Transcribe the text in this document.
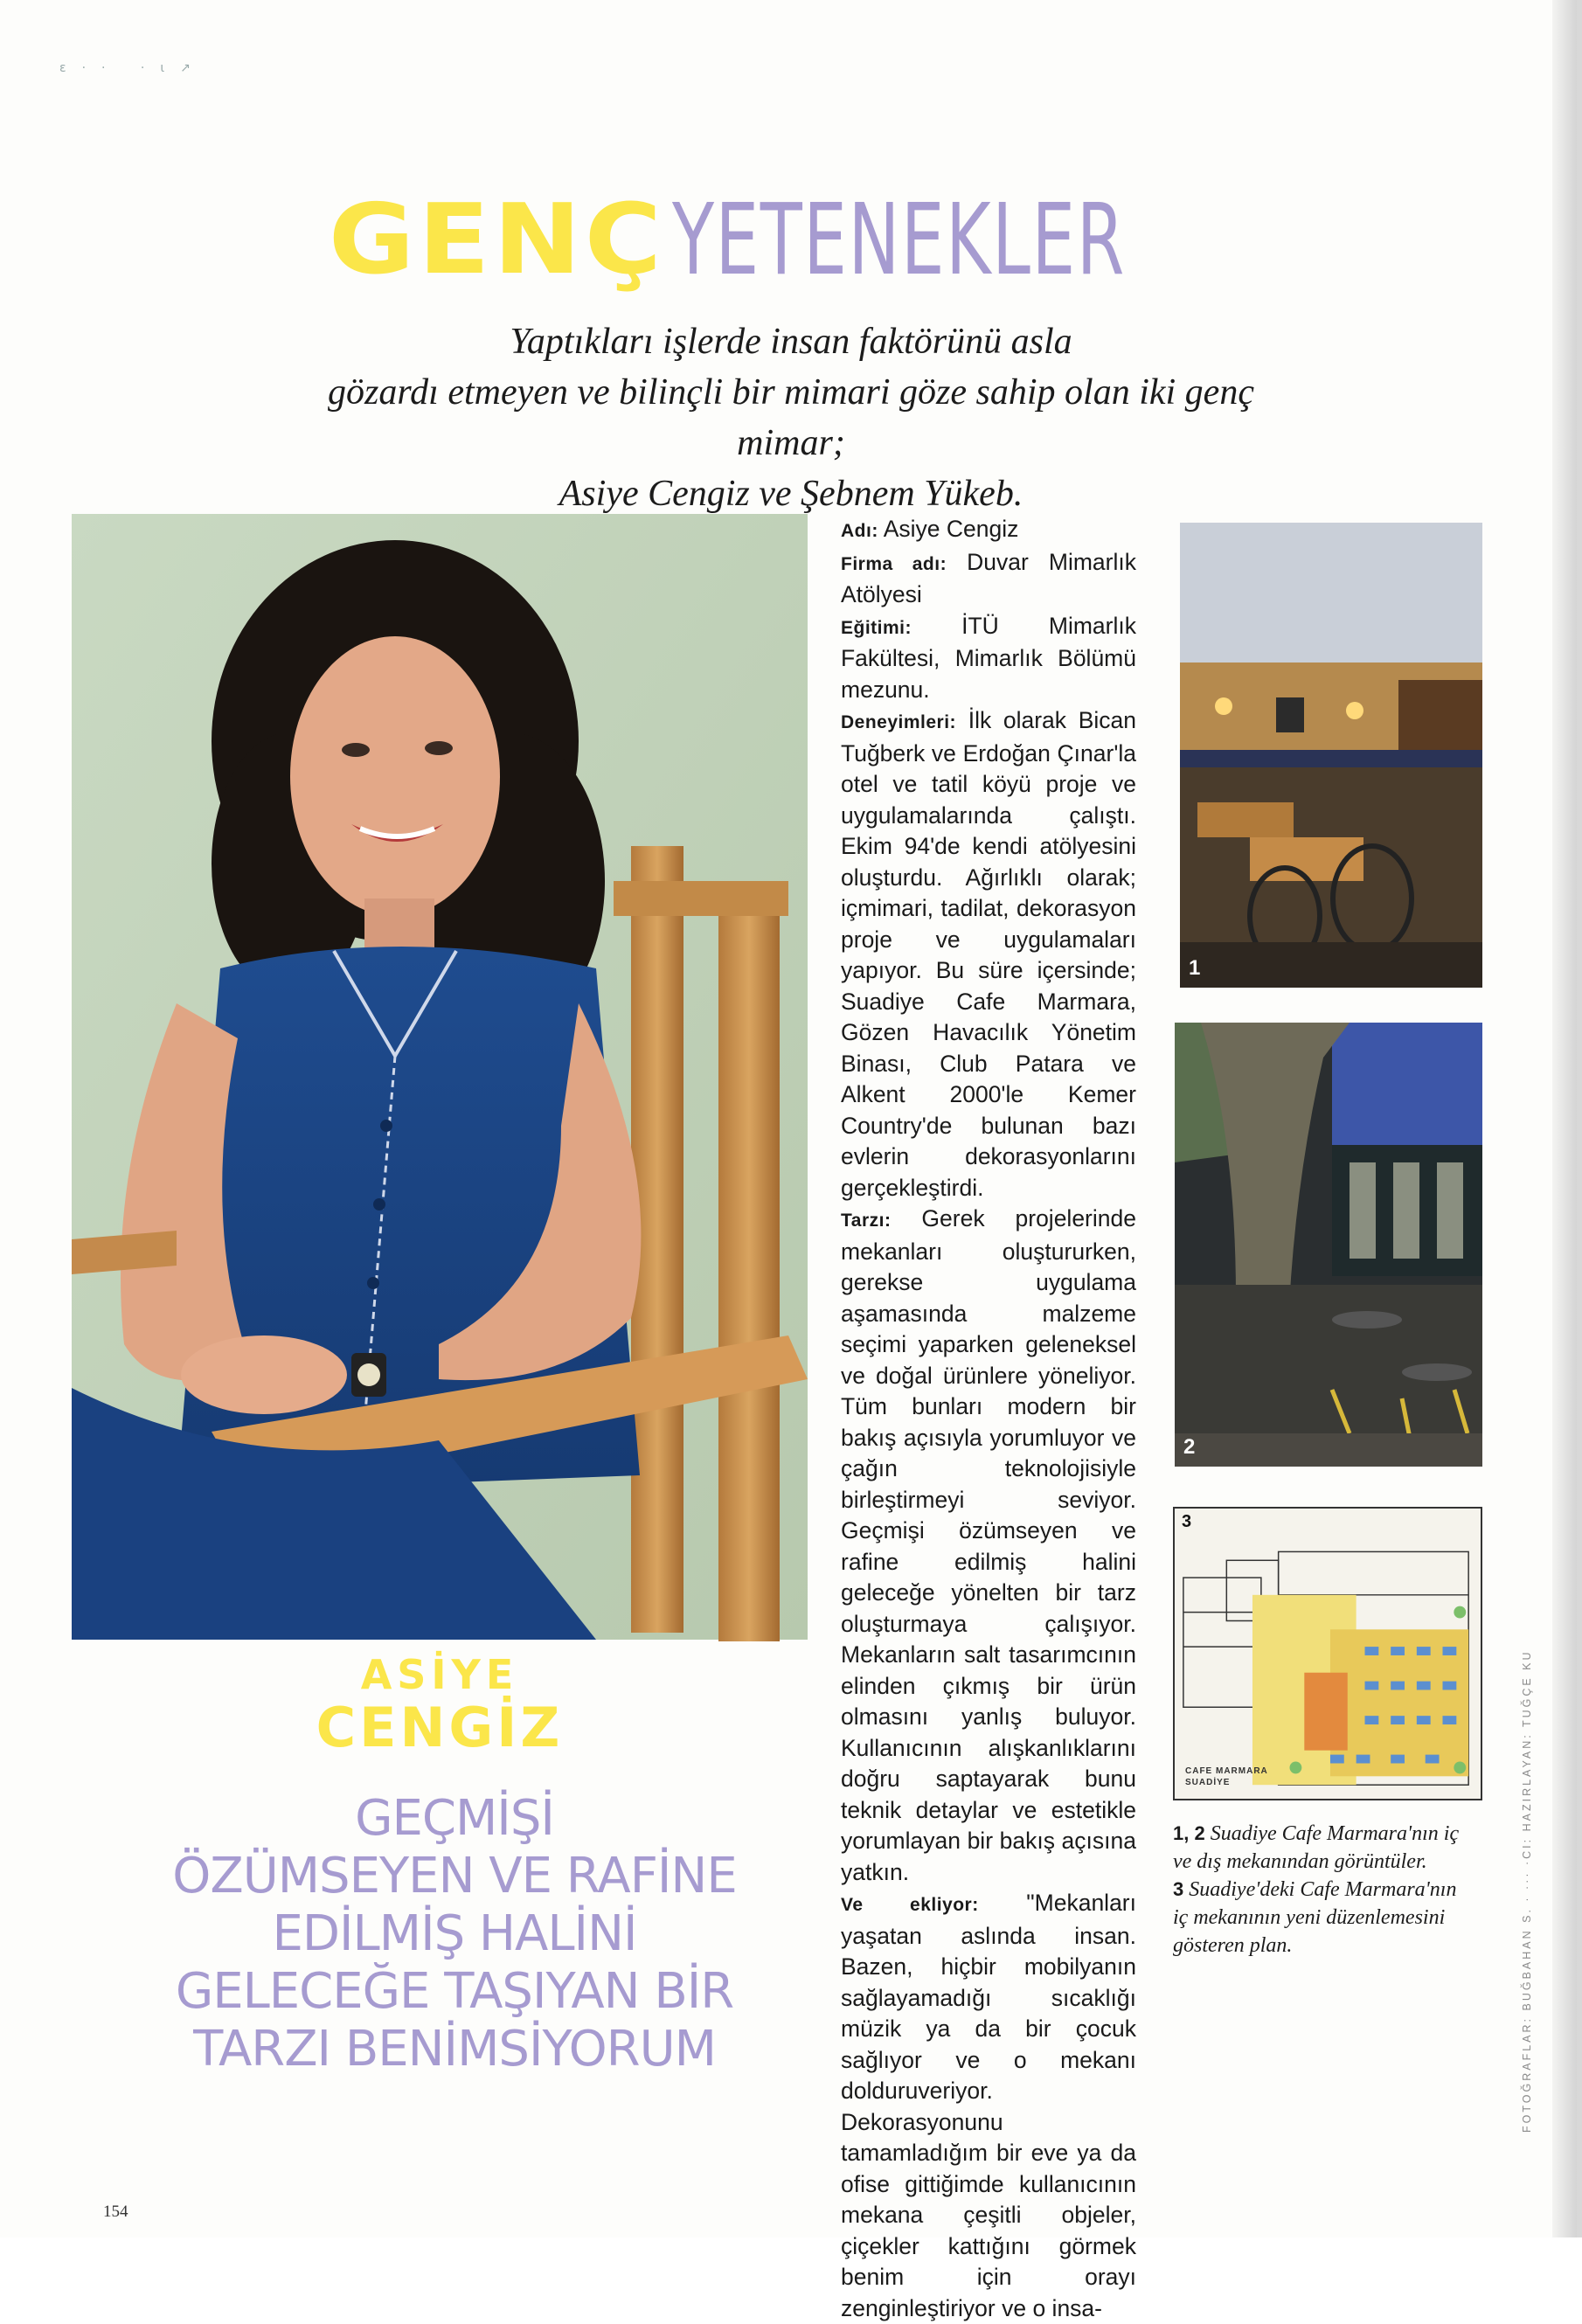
ε·· ·ι↗
GENÇYETENEKLER
Yaptıkları işlerde insan faktörünü asla
gözardı etmeyen ve bilinçli bir mimari göze sahip olan iki genç mimar;
Asiye Cengiz ve Şebnem Yükeb.
ASİYE
CENGİZ
GEÇMİŞİ
ÖZÜMSEYEN VE RAFİNE
EDİLMİŞ HALİNİ
GELECEĞE TAŞIYAN BİR
TARZI BENİMSİYORUM

Adı: Asiye Cengiz

Firma adı: Duvar Mimarlık Atölyesi

Eğitimi: İTÜ Mimarlık Fakültesi, Mimarlık Bölümü mezunu.

Deneyimleri: İlk olarak Bican Tuğberk ve Erdoğan Çınar'la otel ve tatil köyü proje ve uygulamalarında çalıştı. Ekim 94'de kendi atölyesini oluşturdu. Ağırlıklı olarak; içmimari, tadilat, dekorasyon proje ve uygulamaları yapıyor. Bu süre içersinde; Suadiye Cafe Marmara, Gözen Havacılık Yönetim Binası, Club Patara ve Alkent 2000'le Kemer Country'de bulunan bazı evlerin dekorasyonlarını gerçekleştirdi.

Tarzı: Gerek projelerinde mekanları oluştururken, gerekse uygulama aşamasında malzeme seçimi yaparken geleneksel ve doğal ürünlere yöneliyor. Tüm bunları modern bir bakış açısıyla yorumluyor ve çağın teknolojisiyle birleştirmeyi seviyor. Geçmişi özümseyen ve rafine edilmiş halini geleceğe yönelten bir tarz oluşturmaya çalışıyor. Mekanların salt tasarımcının elinden çıkmış bir ürün olmasını yanlış buluyor. Kullanıcının alışkanlıklarını doğru saptayarak bunu teknik detaylar ve estetikle yorumlayan bir bakış açısına yatkın.

Ve ekliyor: "Mekanları yaşatan aslında insan. Bazen, hiçbir mobilyanın sağlayamadığı sıcaklığı müzik ya da bir çocuk sağlıyor ve o mekanı dolduruveriyor. Dekorasyonunu tamamladığım bir eve ya da ofise gittiğimde kullanıcının mekana çeşitli objeler, çiçekler kattığını görmek benim için orayı zenginleştiriyor ve o insa-

1
2
3
CAFE MARMARA
SUADİYE
1, 2 Suadiye Cafe Marmara'nın iç ve dış mekanından görüntüler.
3 Suadiye'deki Cafe Marmara'nın iç mekanının yeni düzenlemesini gösteren plan.	FOTOĞRAFLAR: BUĞBAHAN S. · ··· ·CI: HAZIRLAYAN: TUĞÇE KU
154
